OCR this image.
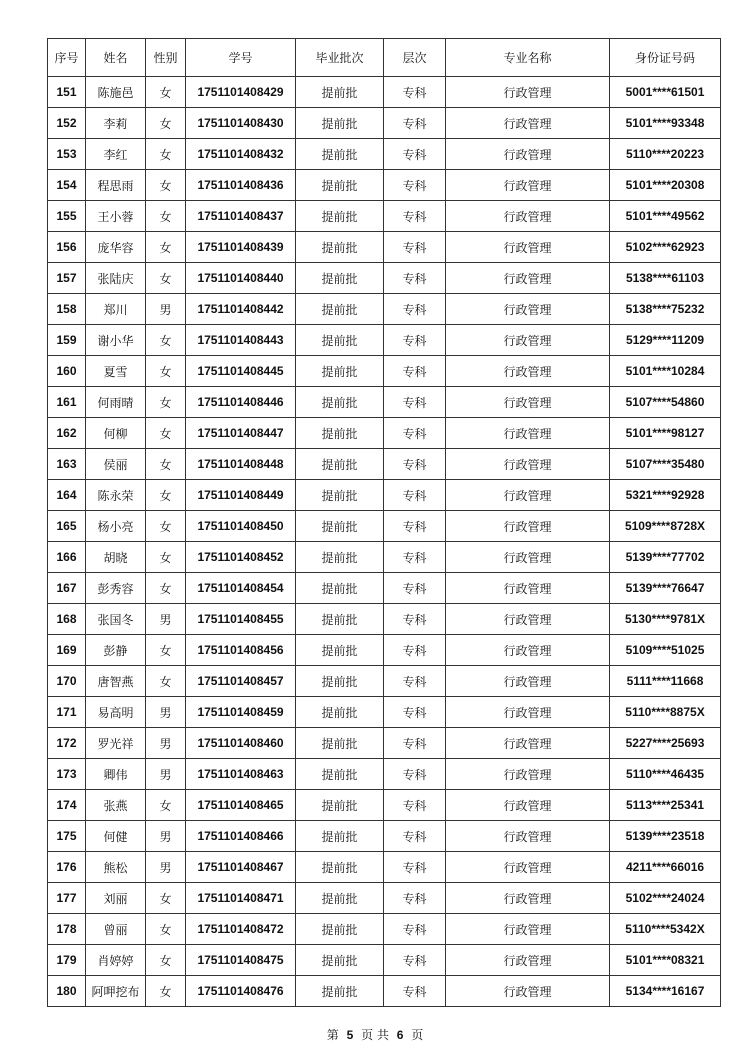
序号	姓名	性别	学号	毕业批次	层次	专业名称	身份证号码
151	陈施邑	女	1751101408429	提前批	专科	行政管理	5001****61501
152	李莉	女	1751101408430	提前批	专科	行政管理	5101****93348
153	李红	女	1751101408432	提前批	专科	行政管理	5110****20223
154	程思雨	女	1751101408436	提前批	专科	行政管理	5101****20308
155	王小蓉	女	1751101408437	提前批	专科	行政管理	5101****49562
156	庞华容	女	1751101408439	提前批	专科	行政管理	5102****62923
157	张陆庆	女	1751101408440	提前批	专科	行政管理	5138****61103
158	郑川	男	1751101408442	提前批	专科	行政管理	5138****75232
159	谢小华	女	1751101408443	提前批	专科	行政管理	5129****11209
160	夏雪	女	1751101408445	提前批	专科	行政管理	5101****10284
161	何雨晴	女	1751101408446	提前批	专科	行政管理	5107****54860
162	何柳	女	1751101408447	提前批	专科	行政管理	5101****98127
163	侯丽	女	1751101408448	提前批	专科	行政管理	5107****35480
164	陈永荣	女	1751101408449	提前批	专科	行政管理	5321****92928
165	杨小亮	女	1751101408450	提前批	专科	行政管理	5109****8728X
166	胡晓	女	1751101408452	提前批	专科	行政管理	5139****77702
167	彭秀容	女	1751101408454	提前批	专科	行政管理	5139****76647
168	张国冬	男	1751101408455	提前批	专科	行政管理	5130****9781X
169	彭静	女	1751101408456	提前批	专科	行政管理	5109****51025
170	唐智燕	女	1751101408457	提前批	专科	行政管理	5111****11668
171	易高明	男	1751101408459	提前批	专科	行政管理	5110****8875X
172	罗光祥	男	1751101408460	提前批	专科	行政管理	5227****25693
173	卿伟	男	1751101408463	提前批	专科	行政管理	5110****46435
174	张燕	女	1751101408465	提前批	专科	行政管理	5113****25341
175	何健	男	1751101408466	提前批	专科	行政管理	5139****23518
176	熊松	男	1751101408467	提前批	专科	行政管理	4211****66016
177	刘丽	女	1751101408471	提前批	专科	行政管理	5102****24024
178	曾丽	女	1751101408472	提前批	专科	行政管理	5110****5342X
179	肖婷婷	女	1751101408475	提前批	专科	行政管理	5101****08321
180	阿呷挖布	女	1751101408476	提前批	专科	行政管理	5134****16167
第 5 页 共 6 页
